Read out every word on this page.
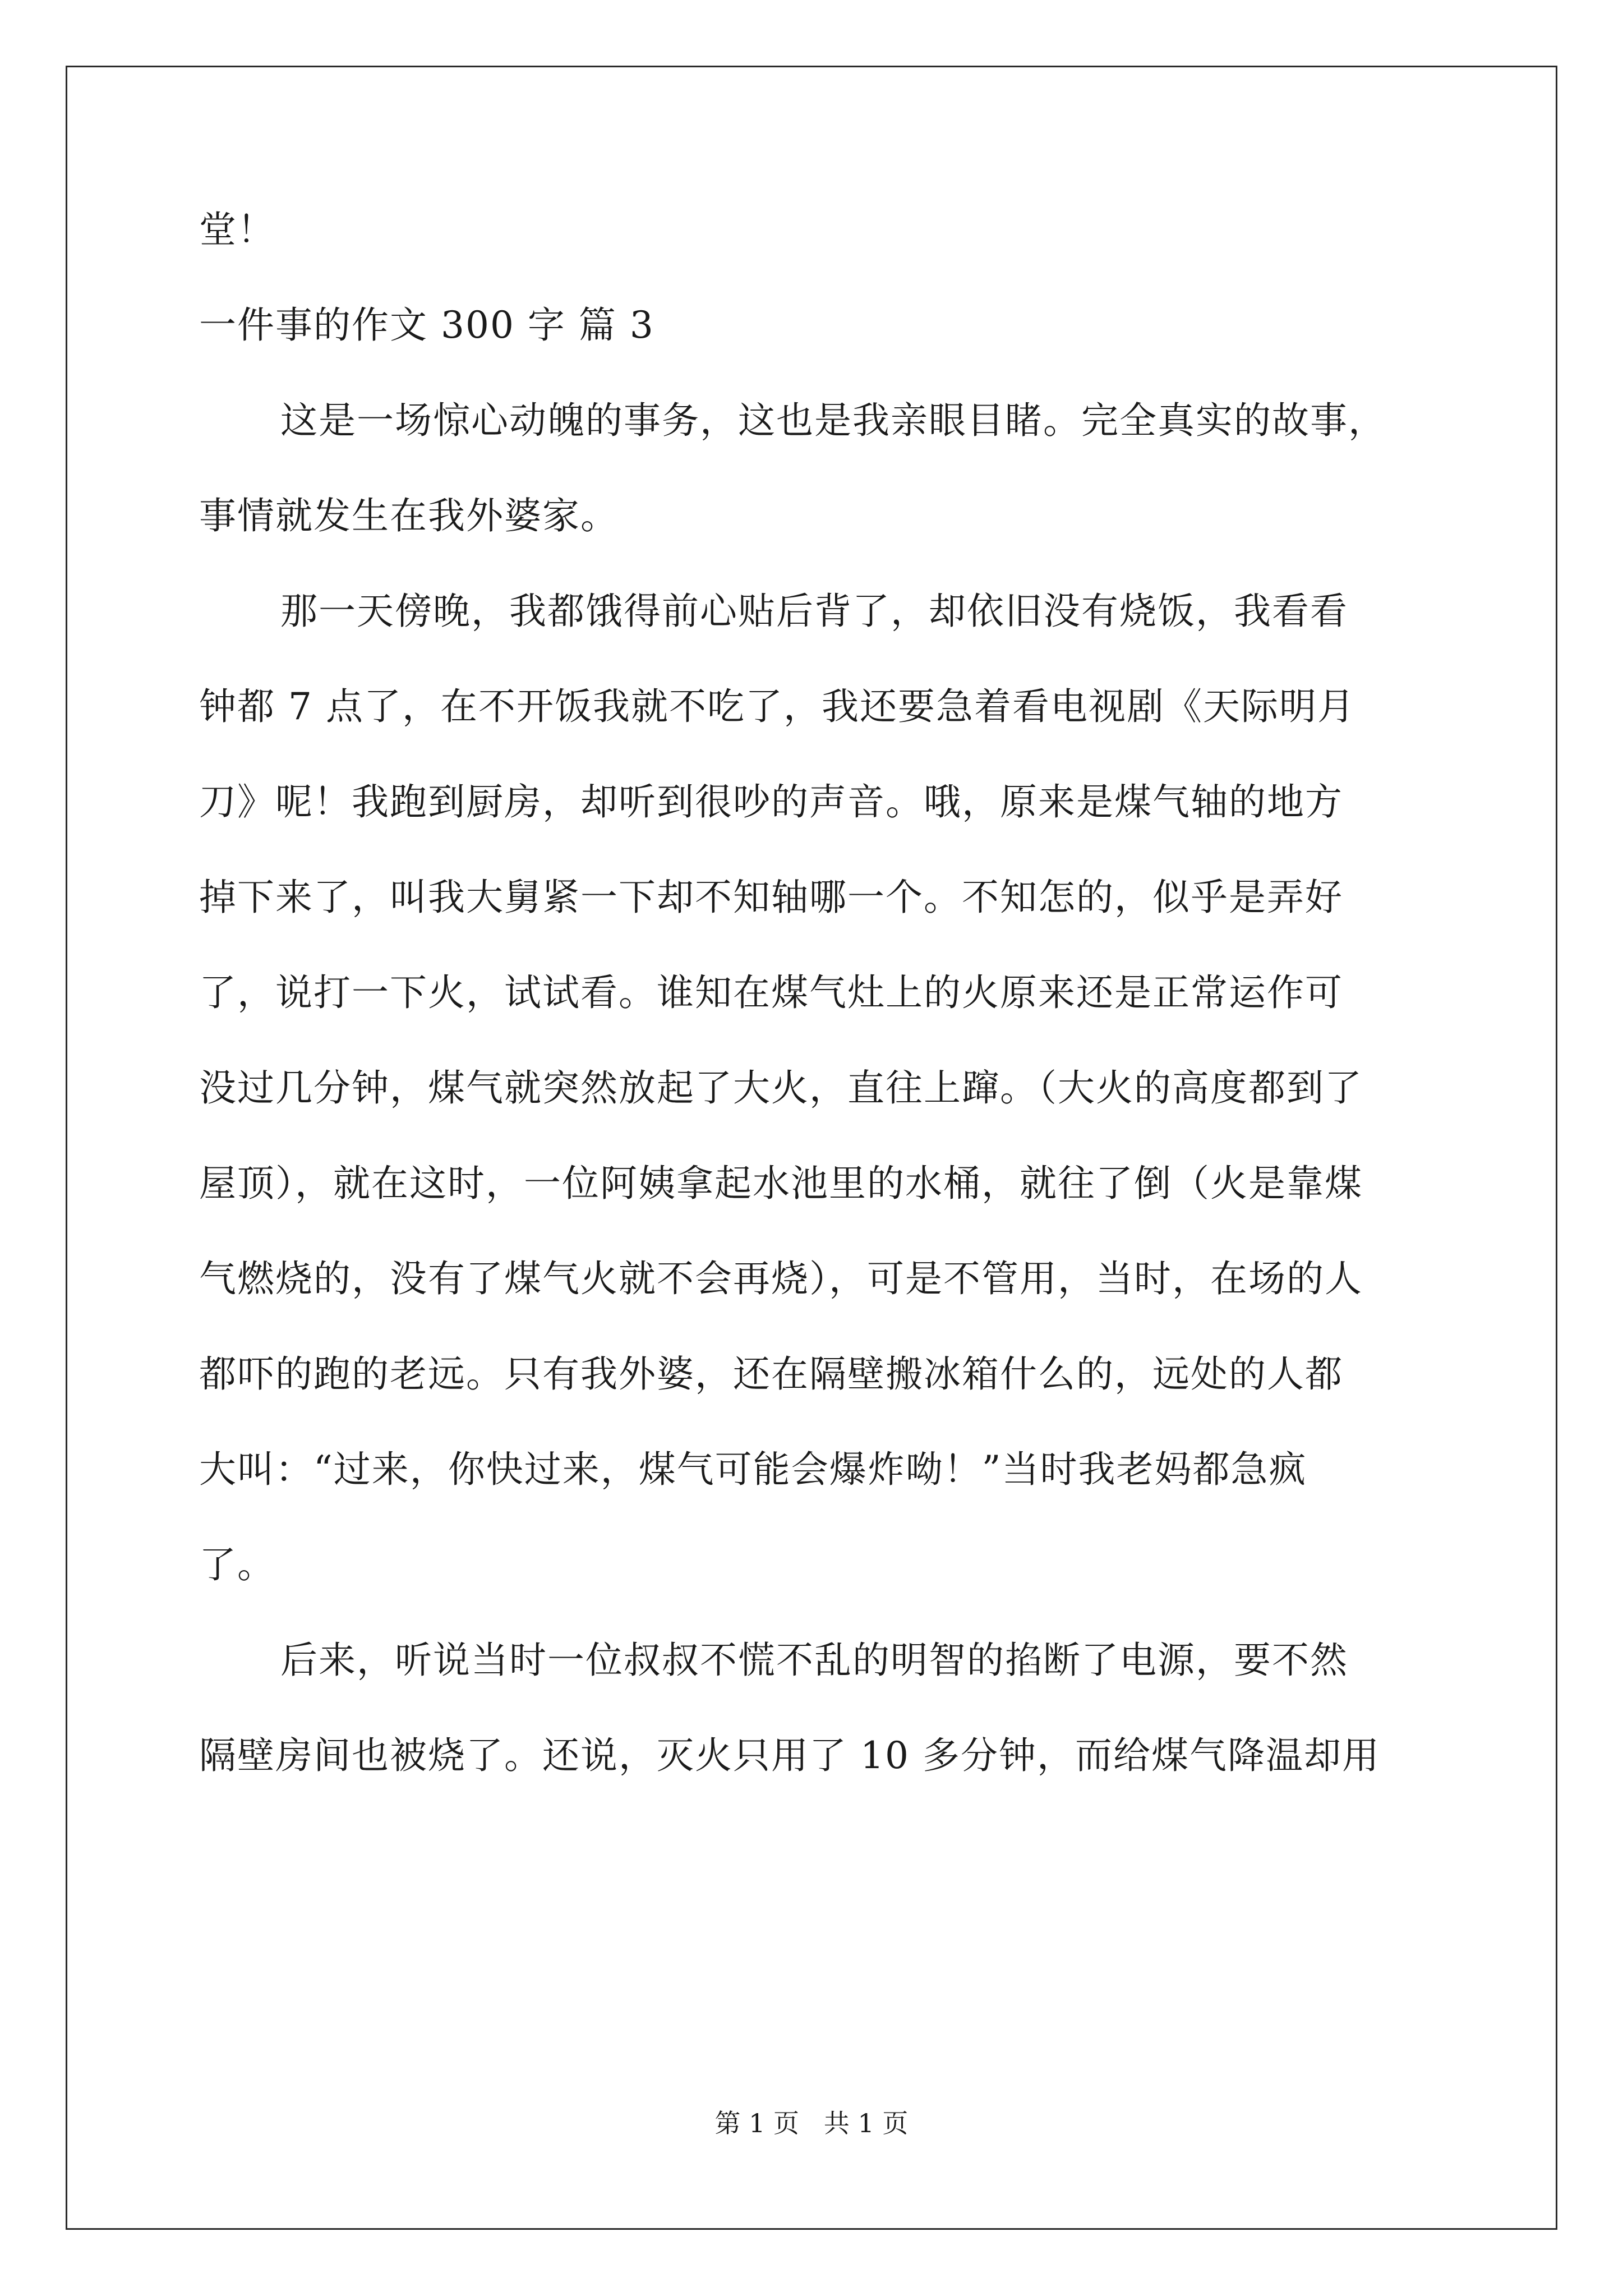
堂！
一件事的作文 300 字 篇 3
这是一场惊心动魄的事务，这也是我亲眼目睹。完全真实的故事，
事情就发生在我外婆家。
那一天傍晚，我都饿得前心贴后背了，却依旧没有烧饭，我看看
钟都 7 点了，在不开饭我就不吃了，我还要急着看电视剧《天际明月
刀》呢！我跑到厨房，却听到很吵的声音。哦，原来是煤气轴的地方
掉下来了，叫我大舅紧一下却不知轴哪一个。不知怎的，似乎是弄好
了，说打一下火，试试看。谁知在煤气灶上的火原来还是正常运作可
没过几分钟，煤气就突然放起了大火，直往上蹿。（大火的高度都到了
屋顶），就在这时，一位阿姨拿起水池里的水桶，就往了倒（火是靠煤
气燃烧的，没有了煤气火就不会再烧），可是不管用，当时，在场的人
都吓的跑的老远。只有我外婆，还在隔壁搬冰箱什么的，远处的人都
大叫：“过来，你快过来，煤气可能会爆炸呦！”当时我老妈都急疯
了。
后来，听说当时一位叔叔不慌不乱的明智的掐断了电源，要不然
隔壁房间也被烧了。还说，灭火只用了 10 多分钟，而给煤气降温却用
第 1 页   共 1 页
